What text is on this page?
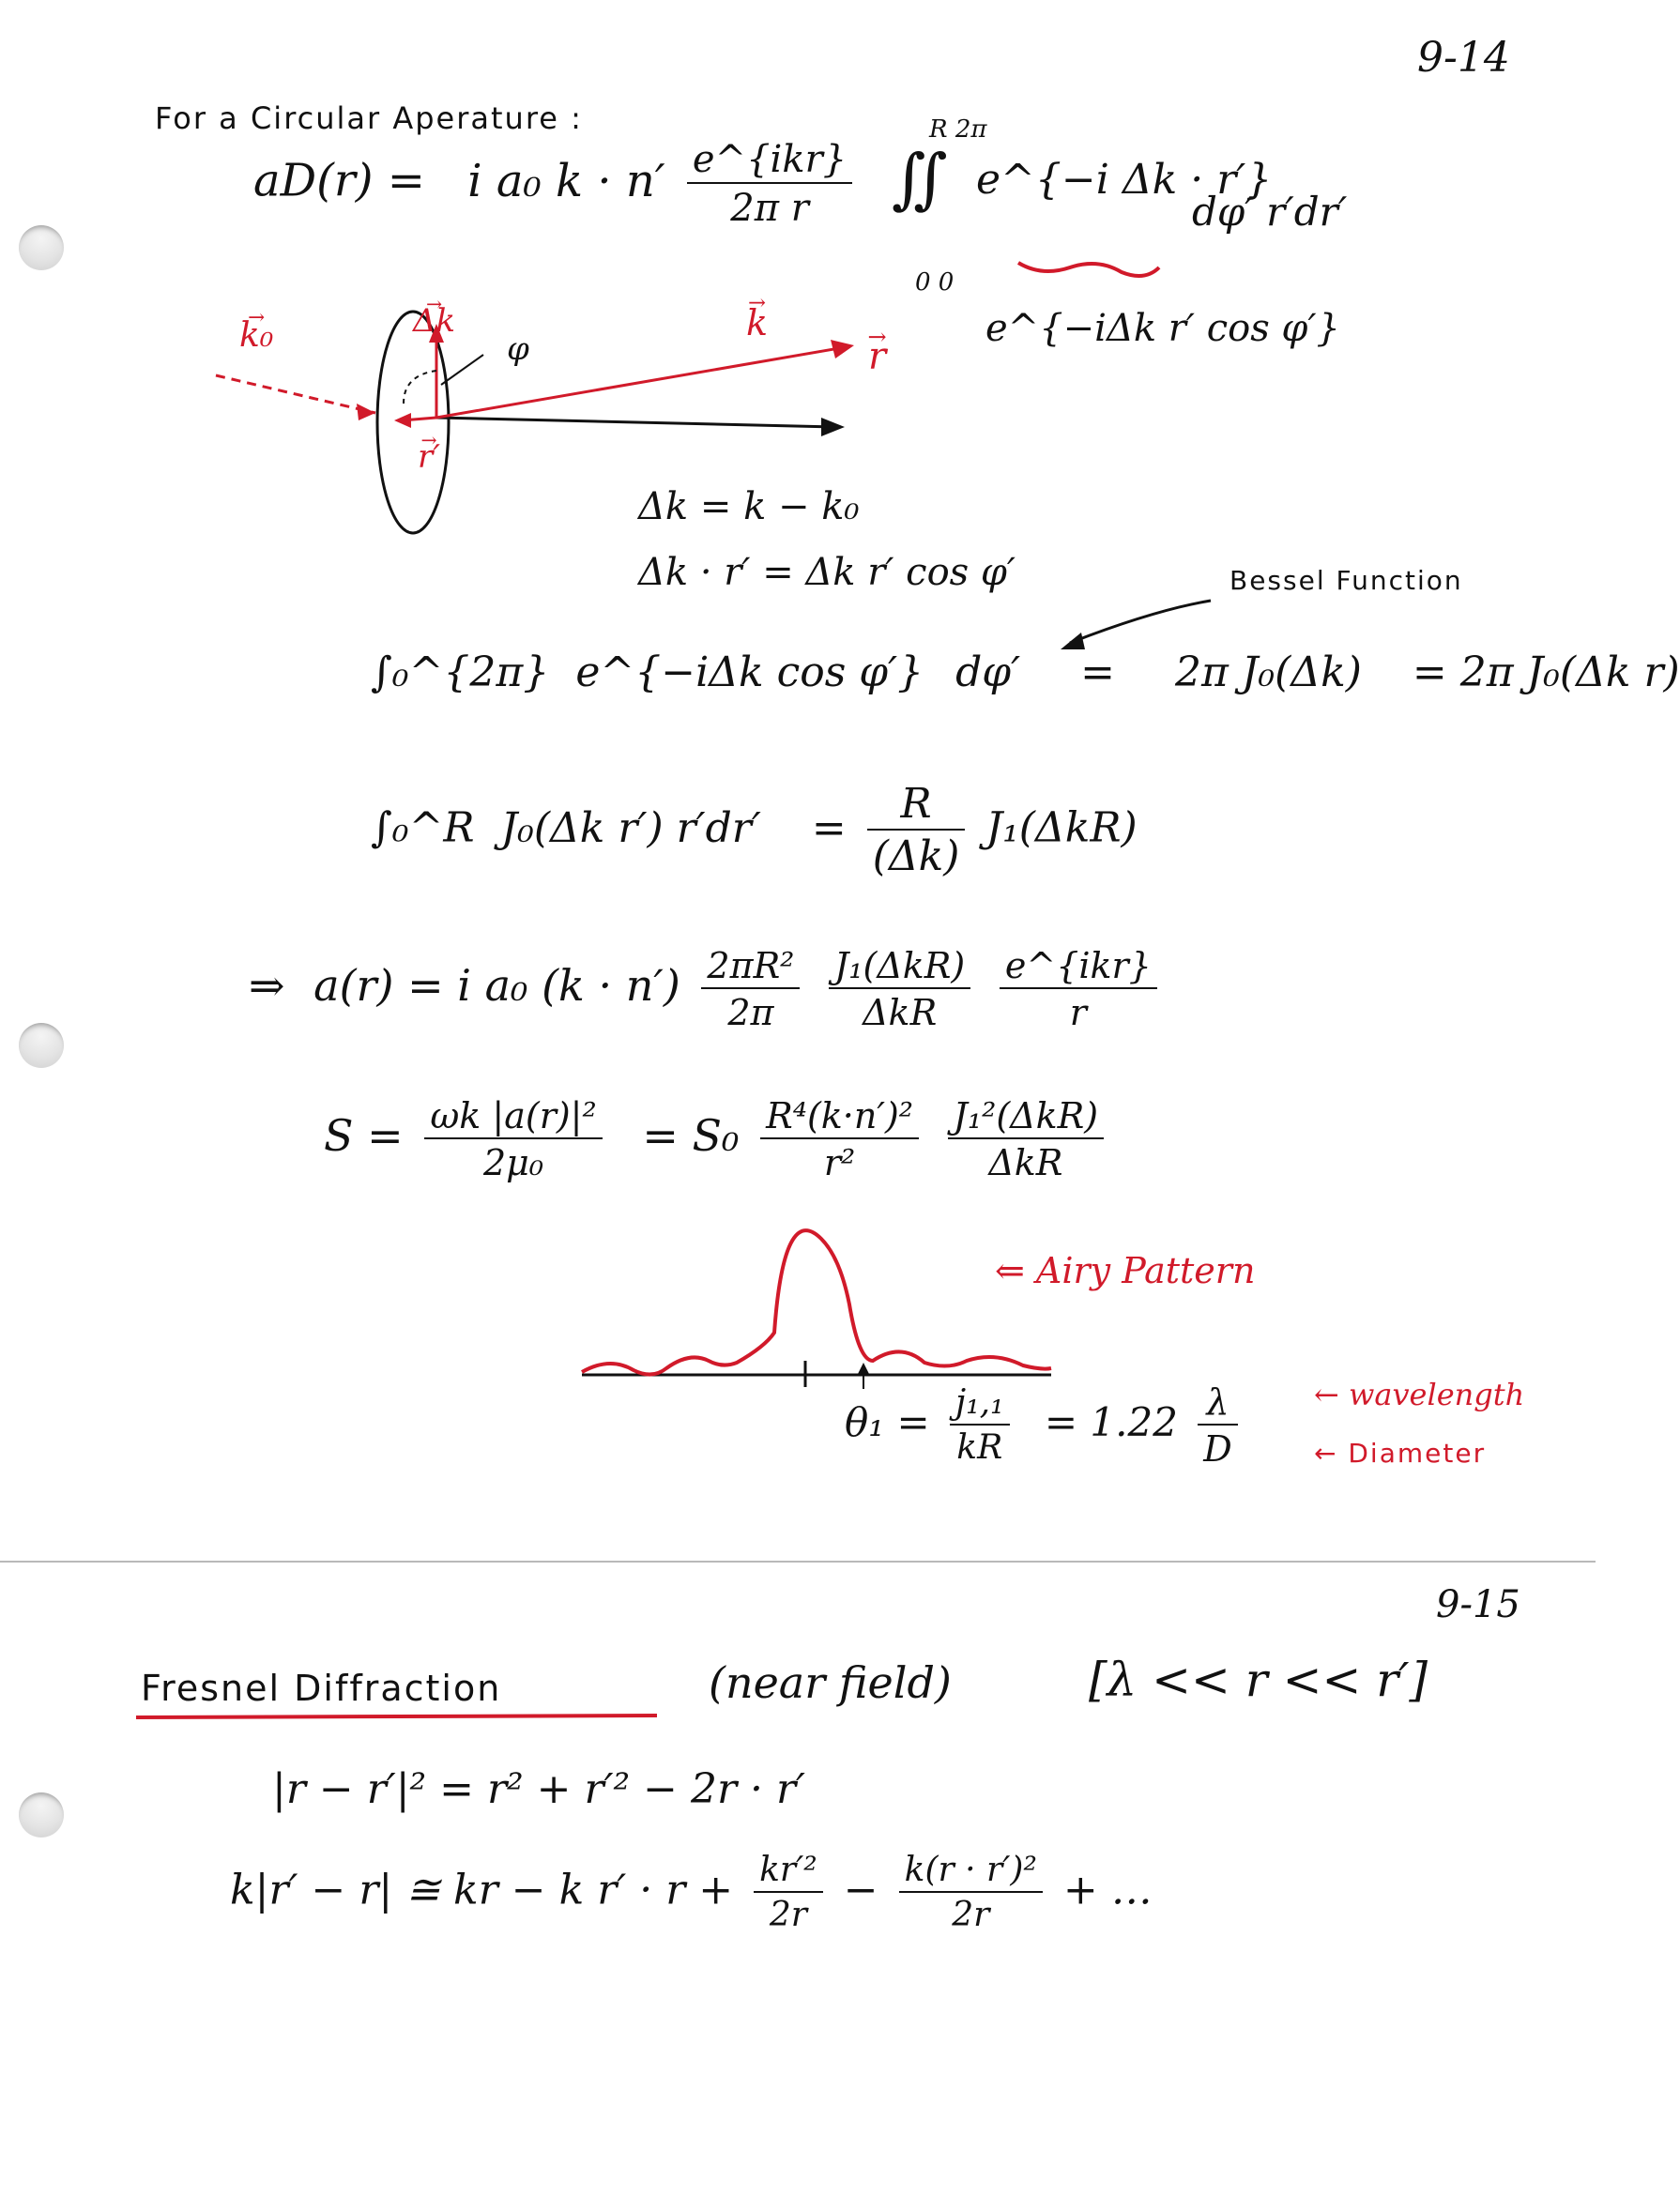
9-14
For a Circular Aperature :
aD(r) = i a₀ $k \cdot n' \frac{\text{e\textasciicircum{}\{ikr\}}}{\text{2π r}}$
R 2π
∬
0 0
e^{−i Δk · r′}
dφ′ r′dr′
e^{−iΔk r′ cos φ′}
→ k₀
→	Δk
φ
→ k
→ r
→ r′
Δk = k − k₀
Δk · r′ = Δk r′ cos φ′	Bessel Function
∫₀^{2π} e^{−iΔk cos φ′} dφ′ = 2π J₀(Δk) = 2π J₀(Δk r)
∫₀^R J₀(Δk r′) $r'dr' = \frac{R}{(\Delta k)} J_1(\Delta kR)$
⇒ a(r) = i a₀ $(k \cdot n') \frac{\text{2πR²}}{2\pi}$
$\frac{\text{J₁(ΔkR)}}{\text{ΔkR}}$
$\frac{\text{e\textasciicircum{}\{ikr\}}}{r}$
$S = \frac{\text{ωk |a(r)|²}}{\text{2μ₀}} = S_0 \frac{\text{R⁴(k·n′)²}}{\text{r²}}$
$\frac{\text{J₁²(ΔkR)}}{\text{ΔkR}}$
⇐ Airy Pattern
$\theta_1 = \frac{\text{j₁,₁}}{kR} = 1.22 \frac{\lambda}{D}$	← wavelength
← Diameter
9-15
Fresnel Diffraction	(near field)	[λ << r << r′]
|r − r′|² = r² + r′² − 2r · r′
k|r′ − r| ≅ kr − k $r' \cdot r + \frac{\text{kr′²}}{2r} - \frac{\text{k(r · r′)²}}{2r}$ + …
